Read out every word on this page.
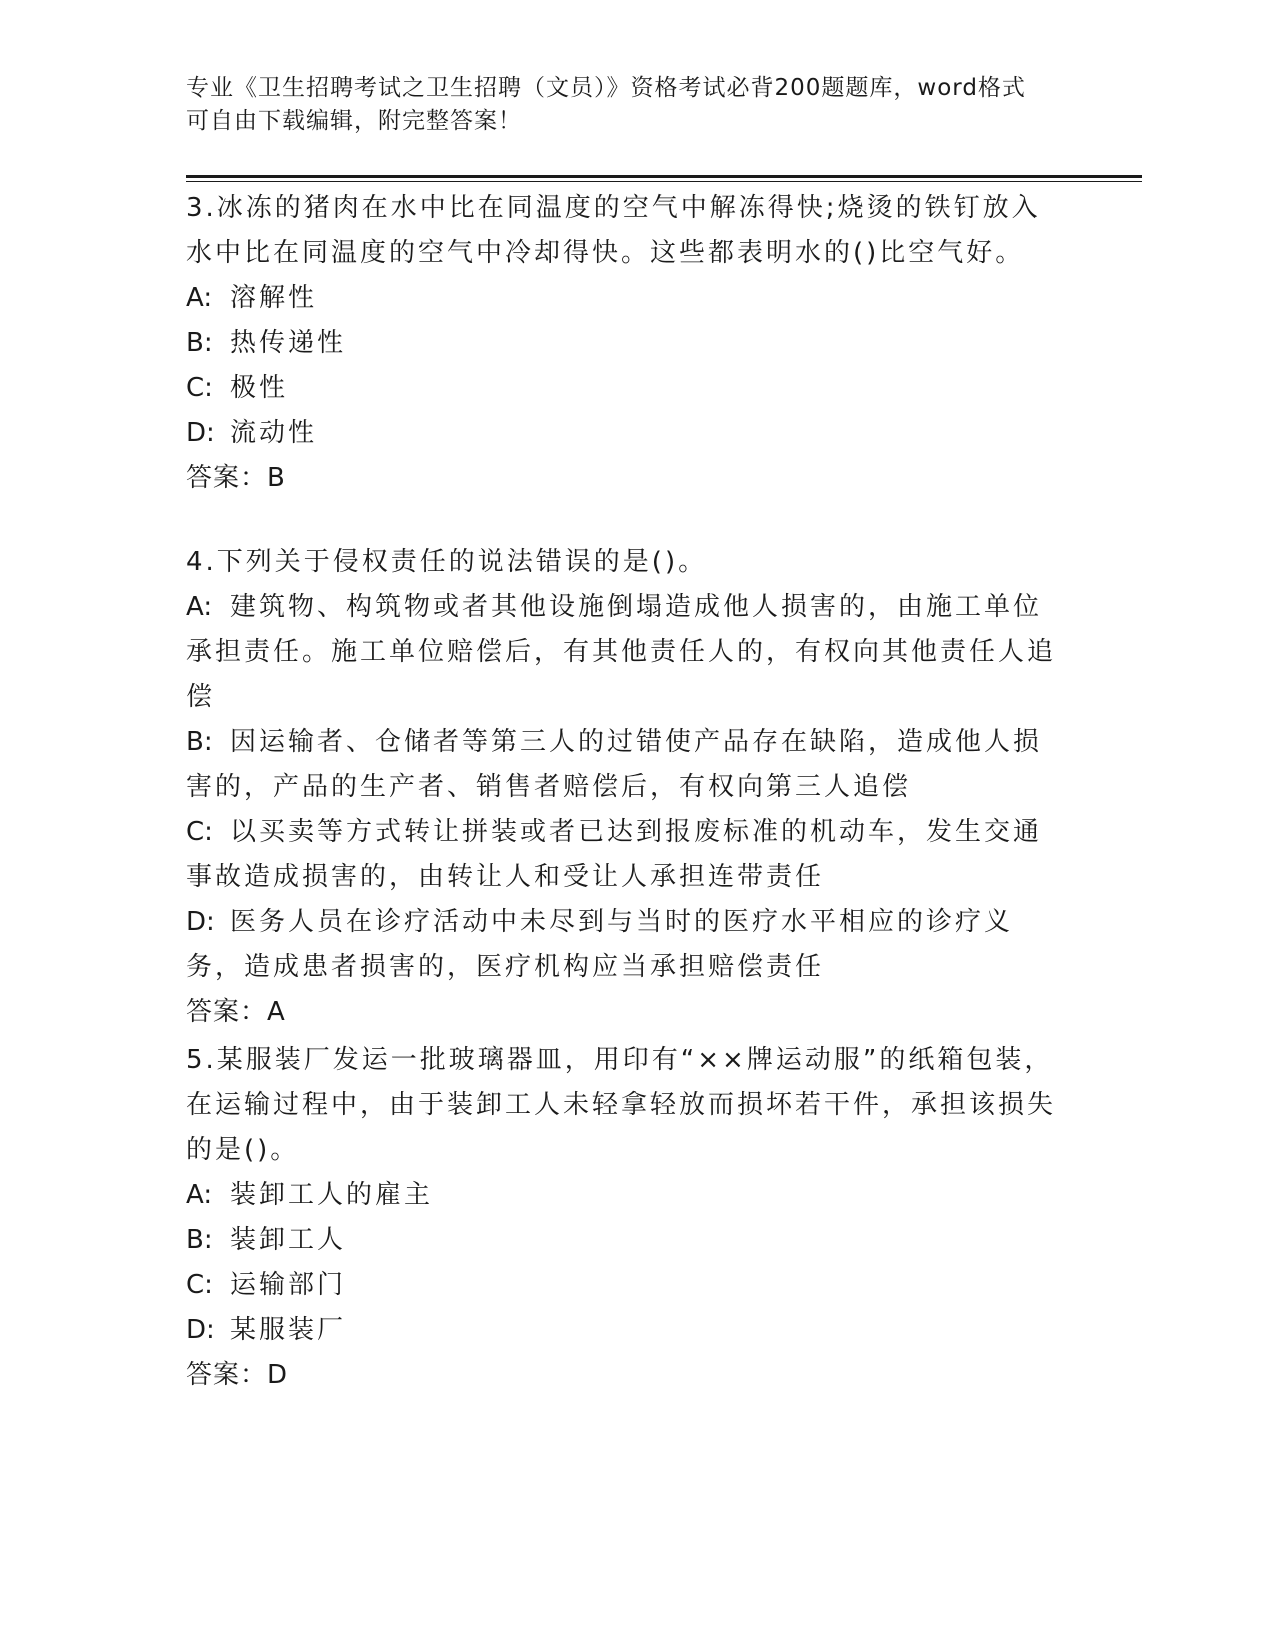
专业《卫生招聘考试之卫生招聘（文员）》资格考试必背200题题库，word格式
可自由下载编辑，附完整答案！

3.冰冻的猪肉在水中比在同温度的空气中解冻得快;烧烫的铁钉放入水中比在同温度的空气中冷却得快。这些都表明水的()比空气好。

A: 溶解性

B: 热传递性

C: 极性

D: 流动性

答案：B

4.下列关于侵权责任的说法错误的是()。

A: 建筑物、构筑物或者其他设施倒塌造成他人损害的，由施工单位承担责任。施工单位赔偿后，有其他责任人的，有权向其他责任人追偿

B: 因运输者、仓储者等第三人的过错使产品存在缺陷，造成他人损害的，产品的生产者、销售者赔偿后，有权向第三人追偿

C: 以买卖等方式转让拼装或者已达到报废标准的机动车，发生交通事故造成损害的，由转让人和受让人承担连带责任

D: 医务人员在诊疗活动中未尽到与当时的医疗水平相应的诊疗义务，造成患者损害的，医疗机构应当承担赔偿责任

答案：A

5.某服装厂发运一批玻璃器皿，用印有“××牌运动服”的纸箱包装，在运输过程中，由于装卸工人未轻拿轻放而损坏若干件，承担该损失的是()。

A: 装卸工人的雇主

B: 装卸工人

C: 运输部门

D: 某服装厂

答案：D
